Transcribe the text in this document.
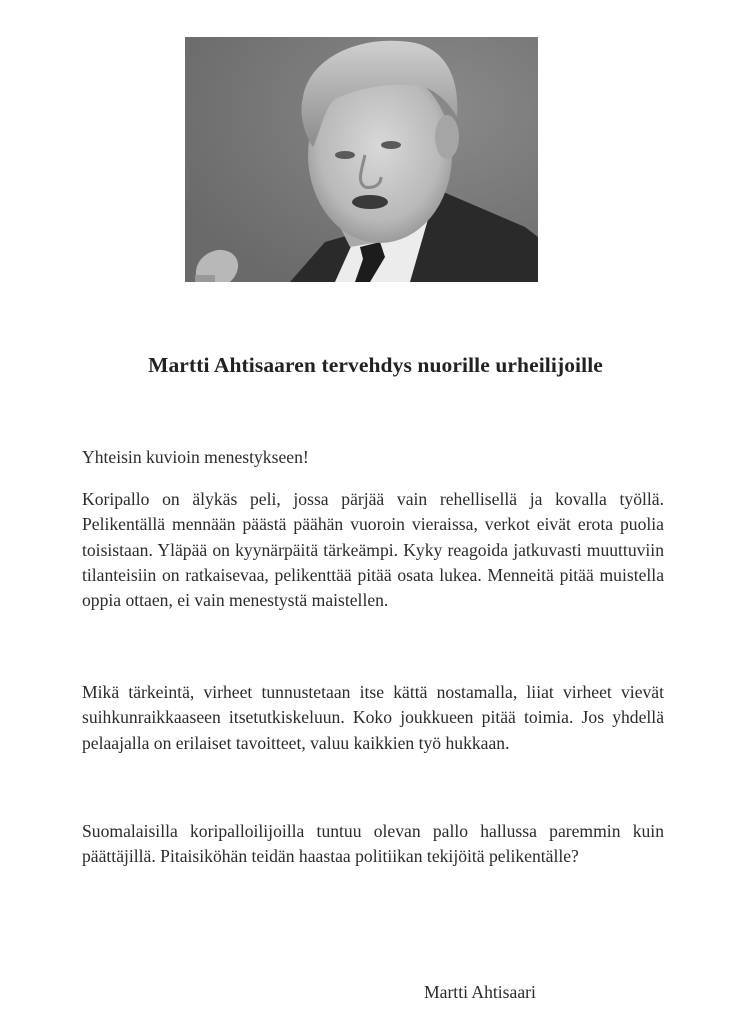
Martti Ahtisaaren tervehdys nuorille urheilijoille

Yhteisin kuvioin menestykseen!

Koripallo on älykäs peli, jossa pärjää vain rehellisellä ja kovalla työllä. Pelikentällä mennään päästä päähän vuoroin vieraissa, verkot eivät erota puolia toisistaan. Yläpää on kyynärpäitä tärkeämpi. Kyky reagoida jatkuvasti muuttuviin tilanteisiin on ratkaisevaa, pelikenttää pitää osata lukea. Menneitä pitää muistella oppia ottaen, ei vain menestystä maistellen.

Mikä tärkeintä, virheet tunnustetaan itse kättä nostamalla, liiat virheet vievät suihkunraikkaaseen itsetutkiskeluun. Koko joukkueen pitää toimia. Jos yhdellä pelaajalla on erilaiset tavoitteet, valuu kaikkien työ hukkaan.

Suomalaisilla koripalloilijoilla tuntuu olevan pallo hallussa paremmin kuin päättäjillä. Pitaisiköhän teidän haastaa politiikan tekijöitä pelikentälle?

Martti Ahtisaari
